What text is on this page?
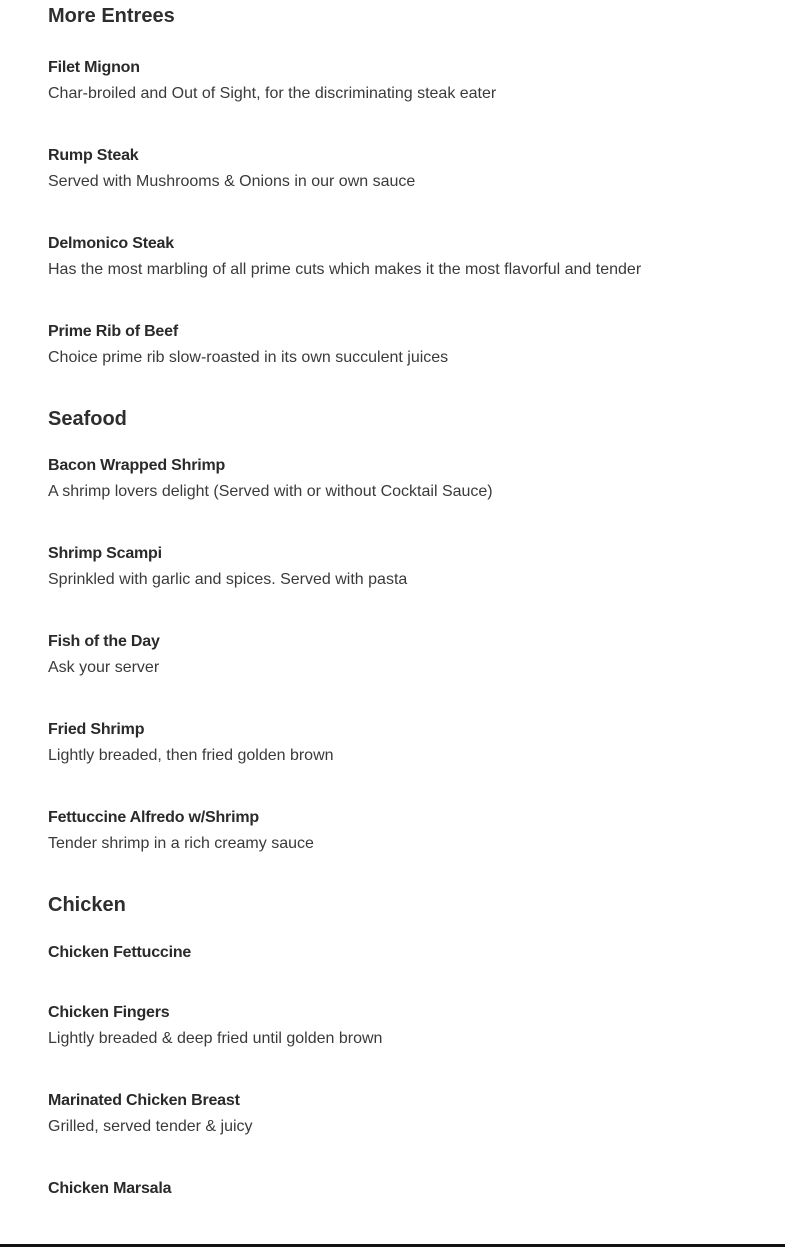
More Entrees
Filet Mignon
Char-broiled and Out of Sight, for the discriminating steak eater
Rump Steak
Served with Mushrooms & Onions in our own sauce
Delmonico Steak
Has the most marbling of all prime cuts which makes it the most flavorful and tender
Prime Rib of Beef
Choice prime rib slow-roasted in its own succulent juices
Seafood
Bacon Wrapped Shrimp
A shrimp lovers delight (Served with or without Cocktail Sauce)
Shrimp Scampi
Sprinkled with garlic and spices. Served with pasta
Fish of the Day
Ask your server
Fried Shrimp
Lightly breaded, then fried golden brown
Fettuccine Alfredo w/Shrimp
Tender shrimp in a rich creamy sauce
Chicken
Chicken Fettuccine
Chicken Fingers
Lightly breaded & deep fried until golden brown
Marinated Chicken Breast
Grilled, served tender & juicy
Chicken Marsala
